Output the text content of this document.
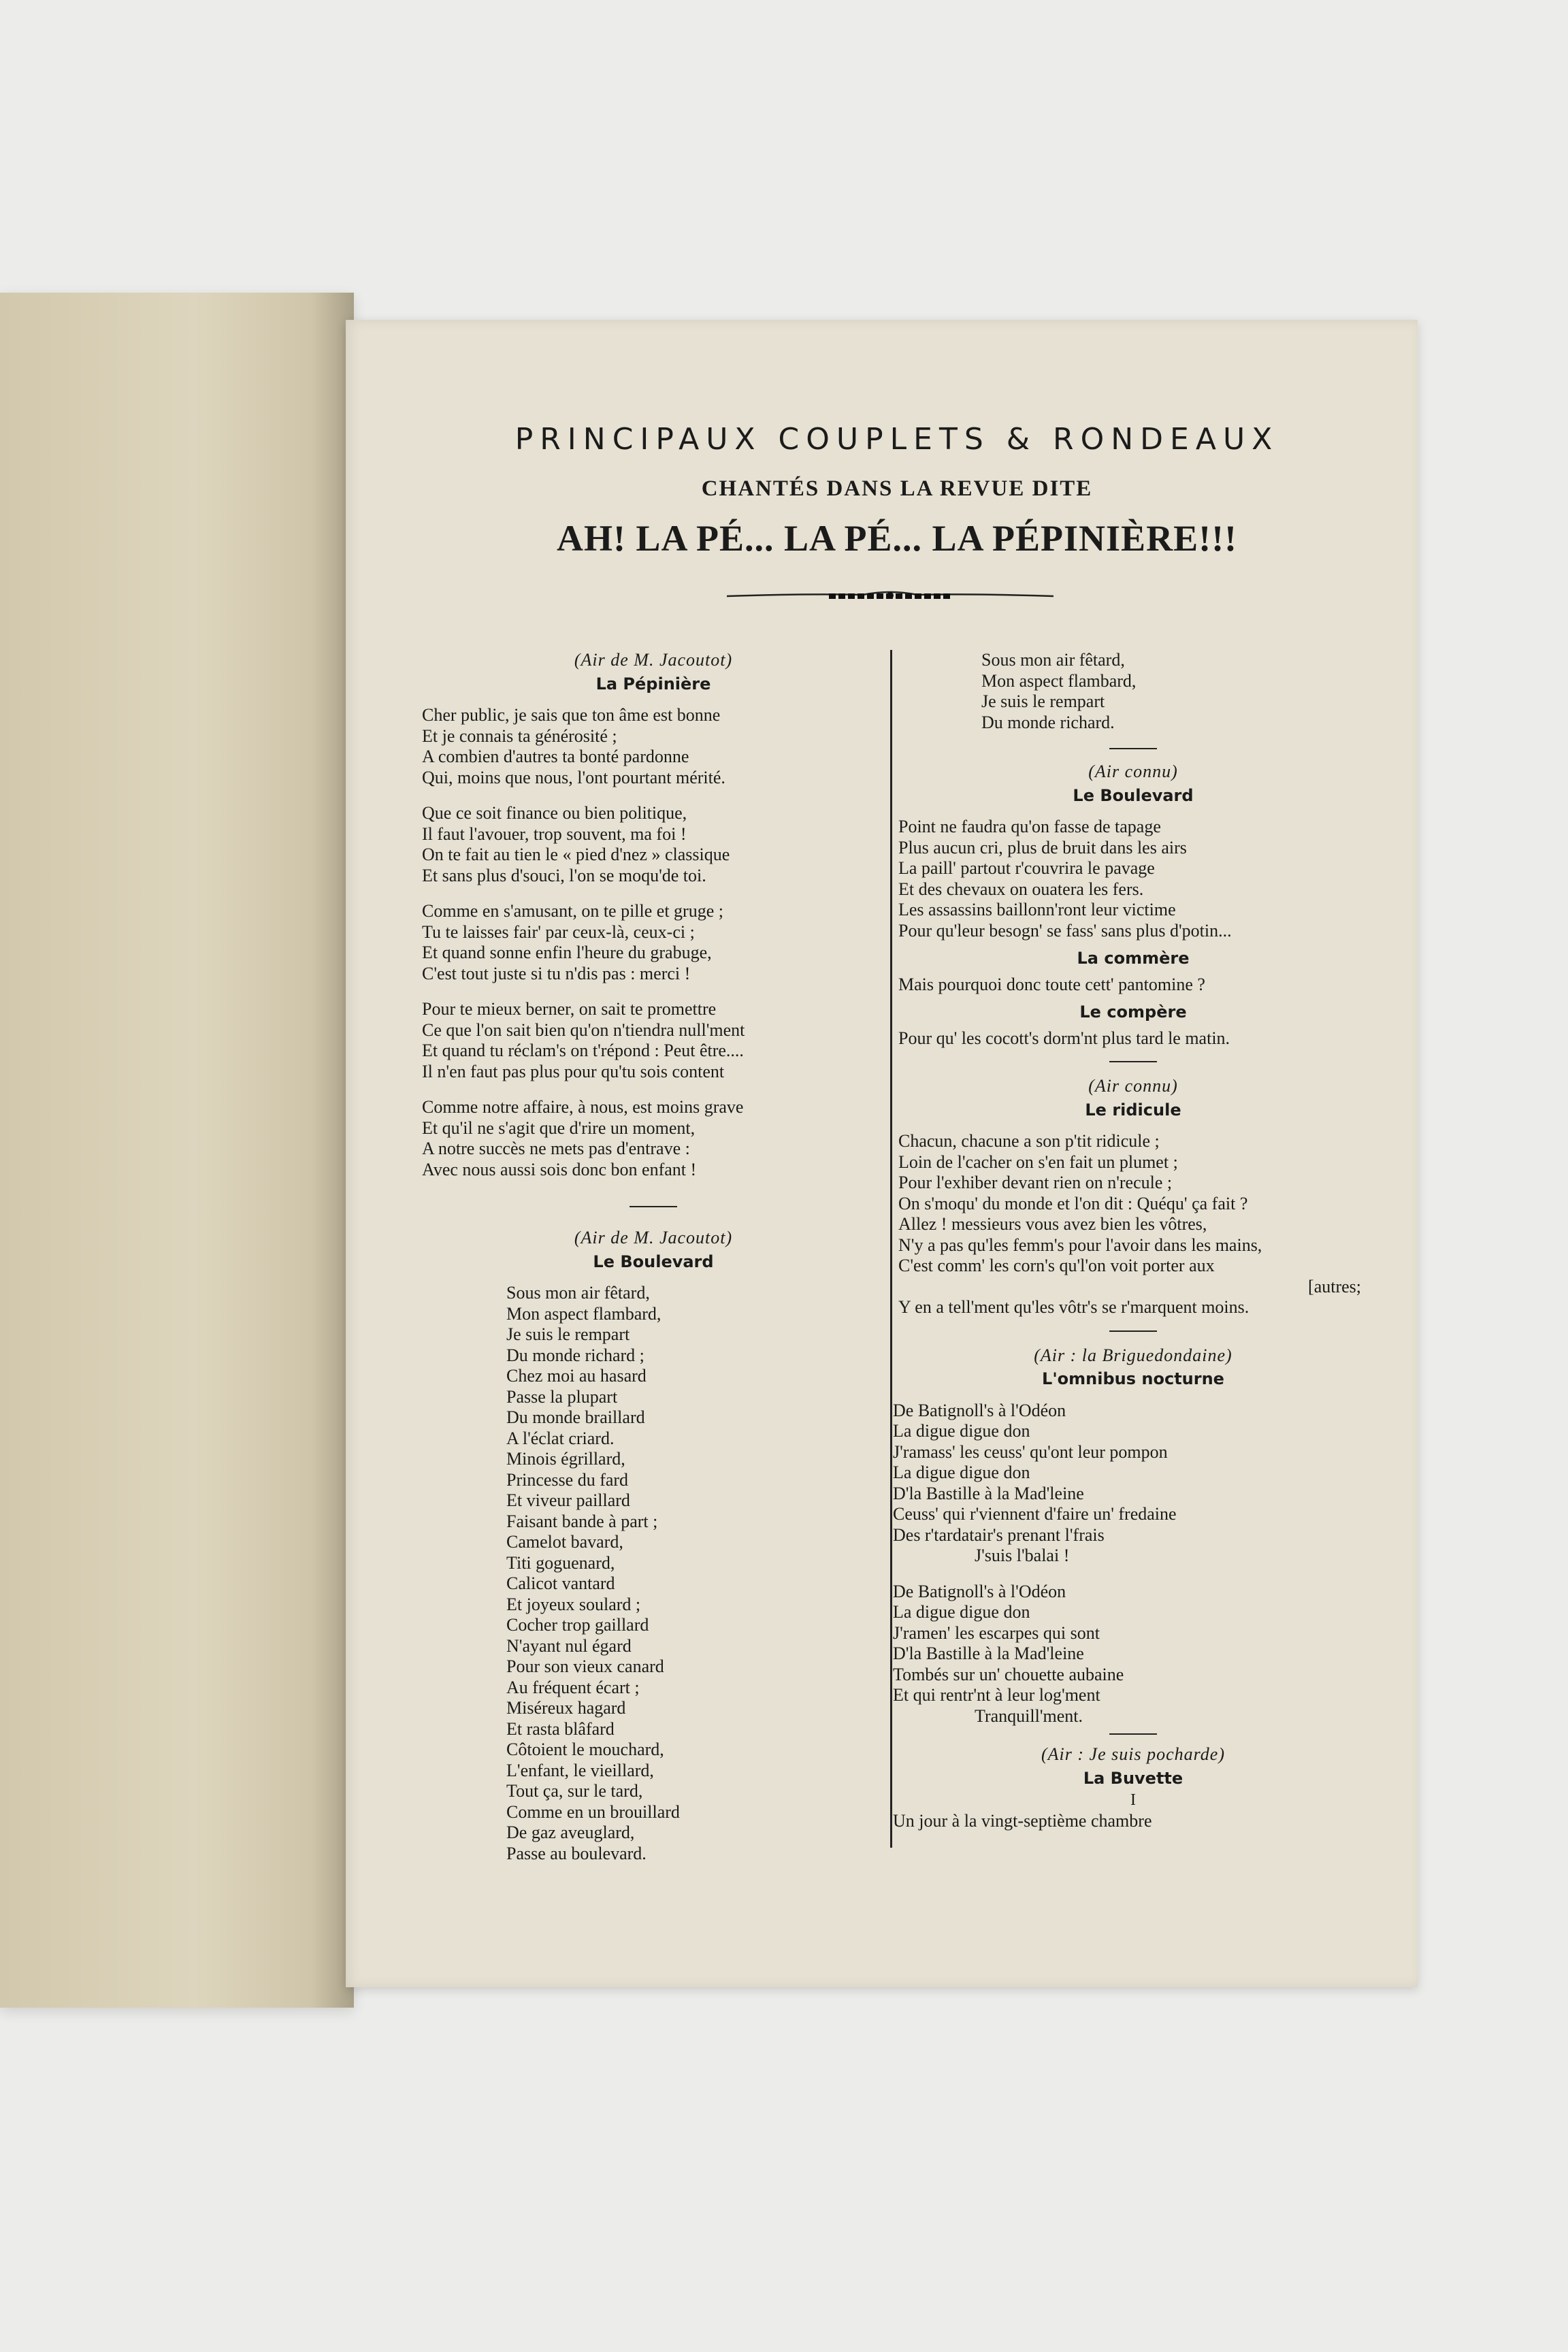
PRINCIPAUX COUPLETS & RONDEAUX
CHANTÉS DANS LA REVUE DITE
AH! LA PÉ... LA PÉ... LA PÉPINIÈRE!!!
(Air de M. Jacoutot)
La Pépinière
Cher public, je sais que ton âme est bonne
Et je connais ta générosité ;
A combien d'autres ta bonté pardonne
Qui, moins que nous, l'ont pourtant mérité.
Que ce soit finance ou bien politique,
Il faut l'avouer, trop souvent, ma foi !
On te fait au tien le « pied d'nez » classique
Et sans plus d'souci, l'on se moqu'de toi.
Comme en s'amusant, on te pille et gruge ;
Tu te laisses fair' par ceux-là, ceux-ci ;
Et quand sonne enfin l'heure du grabuge,
C'est tout juste si tu n'dis pas : merci !
Pour te mieux berner, on sait te promettre
Ce que l'on sait bien qu'on n'tiendra null'ment
Et quand tu réclam's on t'répond : Peut être....
Il n'en faut pas plus pour qu'tu sois content
Comme notre affaire, à nous, est moins grave
Et qu'il ne s'agit que d'rire un moment,
A notre succès ne mets pas d'entrave :
Avec nous aussi sois donc bon enfant !
(Air de M. Jacoutot)
Le Boulevard
Sous mon air fêtard,
Mon aspect flambard,
Je suis le rempart
Du monde richard ;
Chez moi au hasard
Passe la plupart
Du monde braillard
A l'éclat criard.
Minois égrillard,
Princesse du fard
Et viveur paillard
Faisant bande à part ;
Camelot bavard,
Titi goguenard,
Calicot vantard
Et joyeux soulard ;
Cocher trop gaillard
N'ayant nul égard
Pour son vieux canard
Au fréquent écart ;
Miséreux hagard
Et rasta blâfard
Côtoient le mouchard,
L'enfant, le vieillard,
Tout ça, sur le tard,
Comme en un brouillard
De gaz aveuglard,
Passe au boulevard.
Sous mon air fêtard,
Mon aspect flambard,
Je suis le rempart
Du monde richard.
(Air connu)
Le Boulevard
Point ne faudra qu'on fasse de tapage
Plus aucun cri, plus de bruit dans les airs
La paill' partout r'couvrira le pavage
Et des chevaux on ouatera les fers.
Les assassins baillonn'ront leur victime
Pour qu'leur besogn' se fass' sans plus d'potin...
La commère
Mais pourquoi donc toute cett' pantomine ?
Le compère
Pour qu' les cocott's dorm'nt plus tard le matin.
(Air connu)
Le ridicule
Chacun, chacune a son p'tit ridicule ;
Loin de l'cacher on s'en fait un plumet ;
Pour l'exhiber devant rien on n'recule ;
On s'moqu' du monde et l'on dit : Quéqu' ça fait ?
Allez ! messieurs vous avez bien les vôtres,
N'y a pas qu'les femm's pour l'avoir dans les mains,
C'est comm' les corn's qu'l'on voit porter aux
[autres;
Y en a tell'ment qu'les vôtr's se r'marquent moins.
(Air : la Briguedondaine)
L'omnibus nocturne
De Batignoll's à l'Odéon
La digue digue don
J'ramass' les ceuss' qu'ont leur pompon
La digue digue don
D'la Bastille à la Mad'leine
Ceuss' qui r'viennent d'faire un' fredaine
Des r'tardatair's prenant l'frais
J'suis l'balai !
De Batignoll's à l'Odéon
La digue digue don
J'ramen' les escarpes qui sont
D'la Bastille à la Mad'leine
Tombés sur un' chouette aubaine
Et qui rentr'nt à leur log'ment
Tranquill'ment.
(Air : Je suis pocharde)
La Buvette
I
Un jour à la vingt-septième chambre
